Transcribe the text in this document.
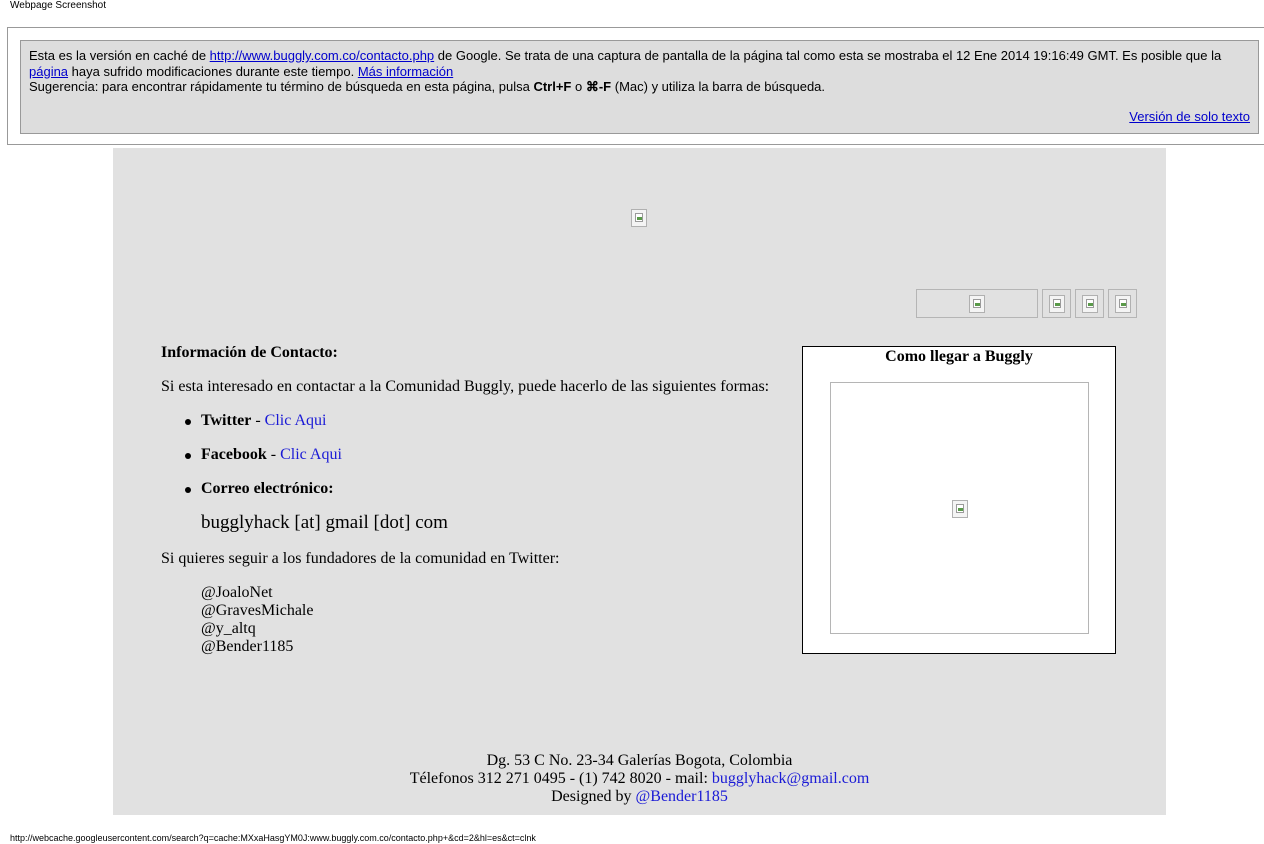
Webpage Screenshot
Esta es la versión en caché de http://www.buggly.com.co/contacto.php de Google. Se trata de una captura de pantalla de la página tal como esta se mostraba el 12 Ene 2014 19:16:49 GMT. Es posible que la página haya sufrido modificaciones durante este tiempo. Más información
Sugerencia: para encontrar rápidamente tu término de búsqueda en esta página, pulsa Ctrl+F o ⌘-F (Mac) y utiliza la barra de búsqueda.
Versión de solo texto

Información de Contacto:

Si esta interesado en contactar a la Comunidad Buggly, puede hacerlo de las siguientes formas:

Twitter - Clic Aqui
Facebook - Clic Aqui
Correo electrónico:
bugglyhack [at] gmail [dot] com

Si quieres seguir a los fundadores de la comunidad en Twitter:

@JoaloNet
@GravesMichale
@y_altq
@Bender1185
Como llegar a Buggly
Dg. 53 C No. 23-34 Galerías Bogota, Colombia
Télefonos 312 271 0495 - (1) 742 8020 - mail: bugglyhack@gmail.com
Designed by @Bender1185
http://webcache.googleusercontent.com/search?q=cache:MXxaHasgYM0J:www.buggly.com.co/contacto.php+&cd=2&hl=es&ct=clnk
